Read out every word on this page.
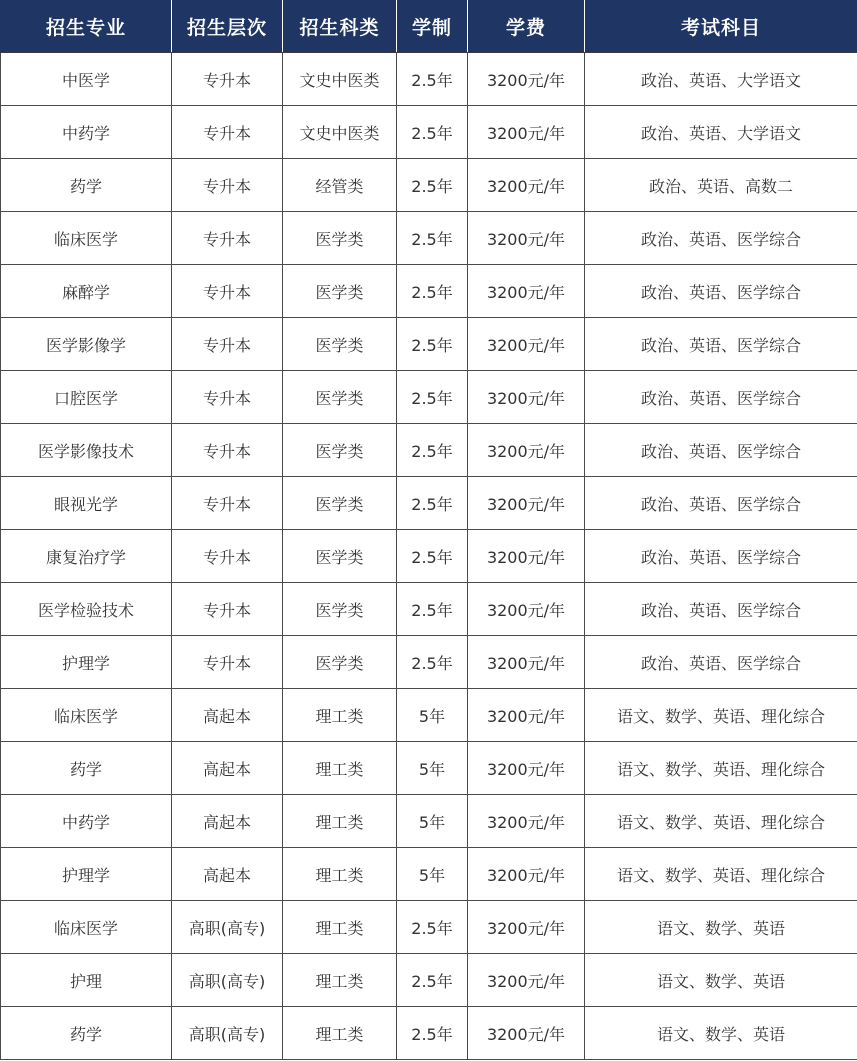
招生专业	招生层次	招生科类	学制	学费	考试科目
中医学	专升本	文史中医类	2.5年	3200元/年	政治、英语、大学语文
中药学	专升本	文史中医类	2.5年	3200元/年	政治、英语、大学语文
药学	专升本	经管类	2.5年	3200元/年	政治、英语、高数二
临床医学	专升本	医学类	2.5年	3200元/年	政治、英语、医学综合
麻醉学	专升本	医学类	2.5年	3200元/年	政治、英语、医学综合
医学影像学	专升本	医学类	2.5年	3200元/年	政治、英语、医学综合
口腔医学	专升本	医学类	2.5年	3200元/年	政治、英语、医学综合
医学影像技术	专升本	医学类	2.5年	3200元/年	政治、英语、医学综合
眼视光学	专升本	医学类	2.5年	3200元/年	政治、英语、医学综合
康复治疗学	专升本	医学类	2.5年	3200元/年	政治、英语、医学综合
医学检验技术	专升本	医学类	2.5年	3200元/年	政治、英语、医学综合
护理学	专升本	医学类	2.5年	3200元/年	政治、英语、医学综合
临床医学	高起本	理工类	5年	3200元/年	语文、数学、英语、理化综合
药学	高起本	理工类	5年	3200元/年	语文、数学、英语、理化综合
中药学	高起本	理工类	5年	3200元/年	语文、数学、英语、理化综合
护理学	高起本	理工类	5年	3200元/年	语文、数学、英语、理化综合
临床医学	高职(高专)	理工类	2.5年	3200元/年	语文、数学、英语
护理	高职(高专)	理工类	2.5年	3200元/年	语文、数学、英语
药学	高职(高专)	理工类	2.5年	3200元/年	语文、数学、英语
